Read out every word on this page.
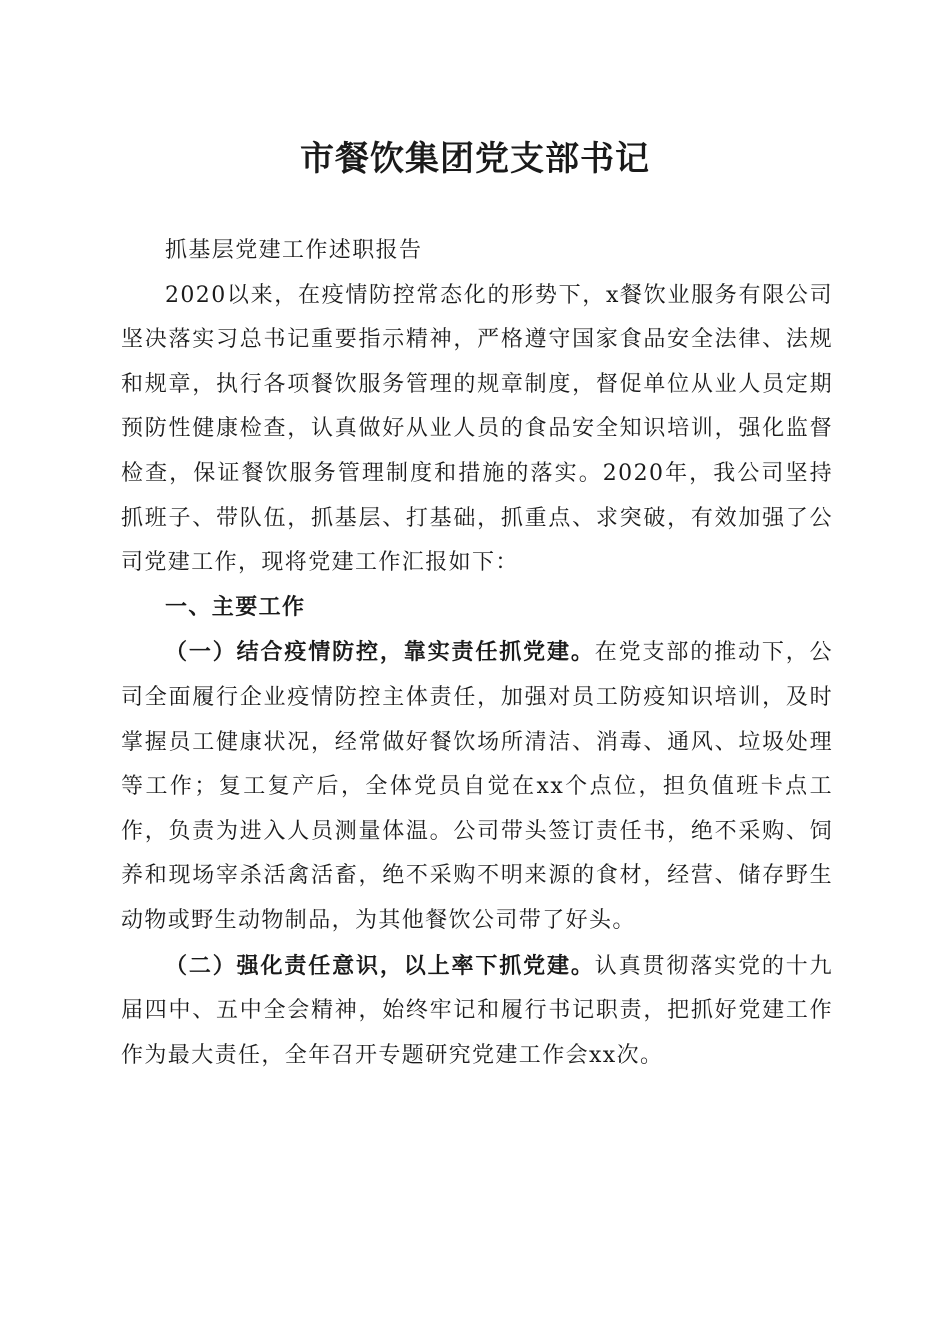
市餐饮集团党支部书记

抓基层党建工作述职报告

2020以来，在疫情防控常态化的形势下，x餐饮业服务有限公司坚决落实习总书记重要指示精神，严格遵守国家食品安全法律、法规和规章，执行各项餐饮服务管理的规章制度，督促单位从业人员定期预防性健康检查，认真做好从业人员的食品安全知识培训，强化监督检查，保证餐饮服务管理制度和措施的落实。2020年，我公司坚持抓班子、带队伍，抓基层、打基础，抓重点、求突破，有效加强了公司党建工作，现将党建工作汇报如下：

一、主要工作

（一）结合疫情防控，靠实责任抓党建。在党支部的推动下，公司全面履行企业疫情防控主体责任，加强对员工防疫知识培训，及时掌握员工健康状况，经常做好餐饮场所清洁、消毒、通风、垃圾处理等工作；复工复产后，全体党员自觉在xx个点位，担负值班卡点工作，负责为进入人员测量体温。公司带头签订责任书，绝不采购、饲养和现场宰杀活禽活畜，绝不采购不明来源的食材，经营、储存野生动物或野生动物制品，为其他餐饮公司带了好头。

（二）强化责任意识，以上率下抓党建。认真贯彻落实党的十九届四中、五中全会精神，始终牢记和履行书记职责，把抓好党建工作作为最大责任，全年召开专题研究党建工作会xx次。
